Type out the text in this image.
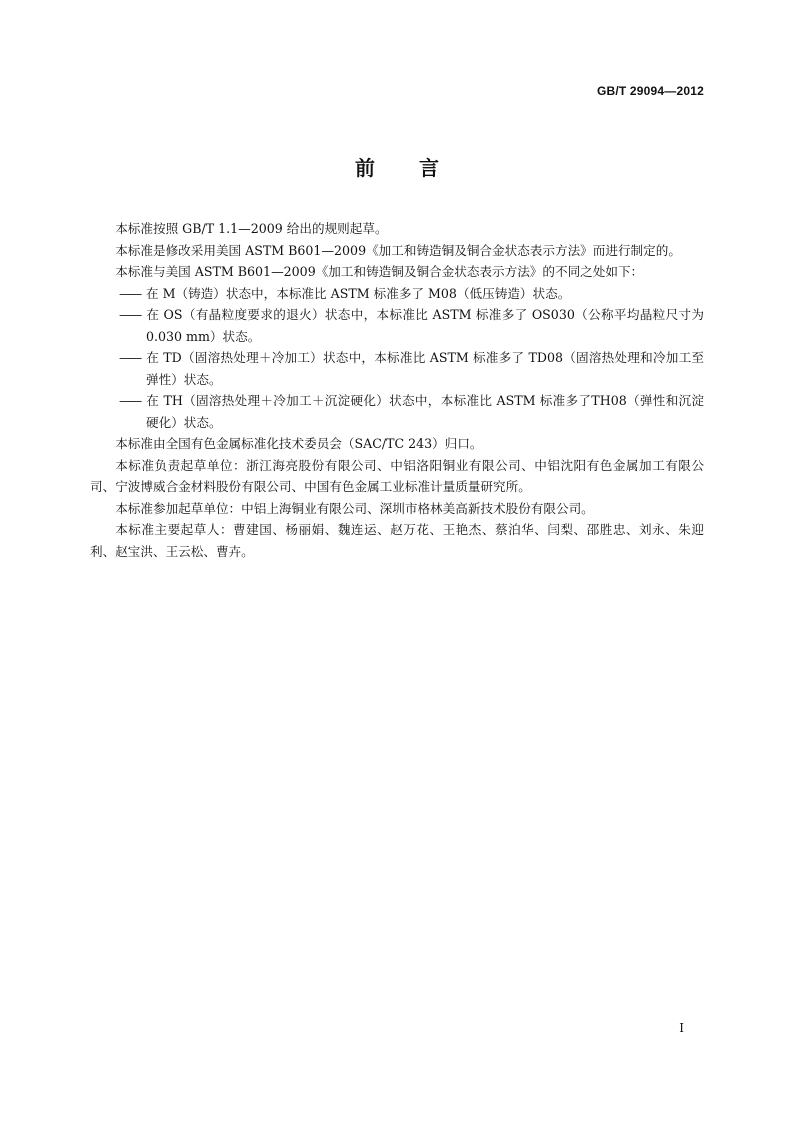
GB/T 29094—2012
前言

本标准按照 GB/T 1.1—2009 给出的规则起草。

本标准是修改采用美国 ASTM B601—2009《加工和铸造铜及铜合金状态表示方法》而进行制定的。

本标准与美国 ASTM B601—2009《加工和铸造铜及铜合金状态表示方法》的不同之处如下：

—— 在 M（铸造）状态中，本标准比 ASTM 标准多了 M08（低压铸造）状态。

—— 在 OS（有晶粒度要求的退火）状态中，本标准比 ASTM 标准多了 OS030（公称平均晶粒尺寸为0.030 mm）状态。

—— 在 TD（固溶热处理＋冷加工）状态中，本标准比 ASTM 标准多了 TD08（固溶热处理和冷加工至弹性）状态。

—— 在 TH（固溶热处理＋冷加工＋沉淀硬化）状态中，本标准比 ASTM 标准多了TH08（弹性和沉淀硬化）状态。

本标准由全国有色金属标准化技术委员会（SAC/TC 243）归口。

本标准负责起草单位：浙江海亮股份有限公司、中铝洛阳铜业有限公司、中铝沈阳有色金属加工有限公司、宁波博威合金材料股份有限公司、中国有色金属工业标准计量质量研究所。

本标准参加起草单位：中铝上海铜业有限公司、深圳市格林美高新技术股份有限公司。

本标准主要起草人：曹建国、杨丽娟、魏连运、赵万花、王艳杰、蔡泊华、闫梨、邵胜忠、刘永、朱迎利、赵宝洪、王云松、曹卉。

I
